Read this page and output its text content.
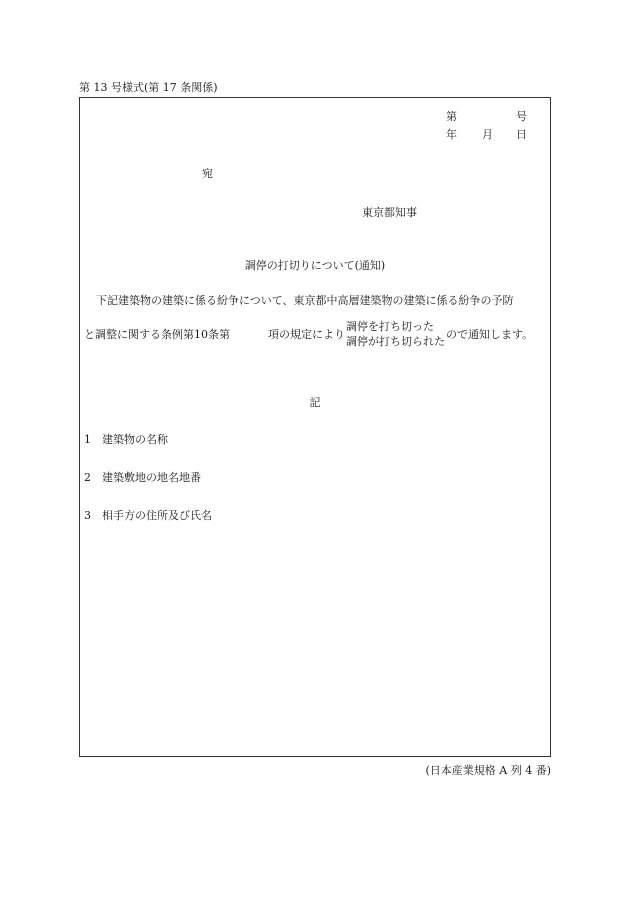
第 13 号様式(第 17 条関係)
第	号
年 月 日
宛
東京都知事
調停の打切りについて(通知)
下記建築物の建築に係る紛争について、東京都中高層建築物の建築に係る紛争の予防
と調整に関する条例第10条第	項の規定により
調停を打ち切った
調停が打ち切られた
ので通知します。
記
1 建築物の名称
2 建築敷地の地名地番
3 相手方の住所及び氏名
(日本産業規格 A 列 4 番)
